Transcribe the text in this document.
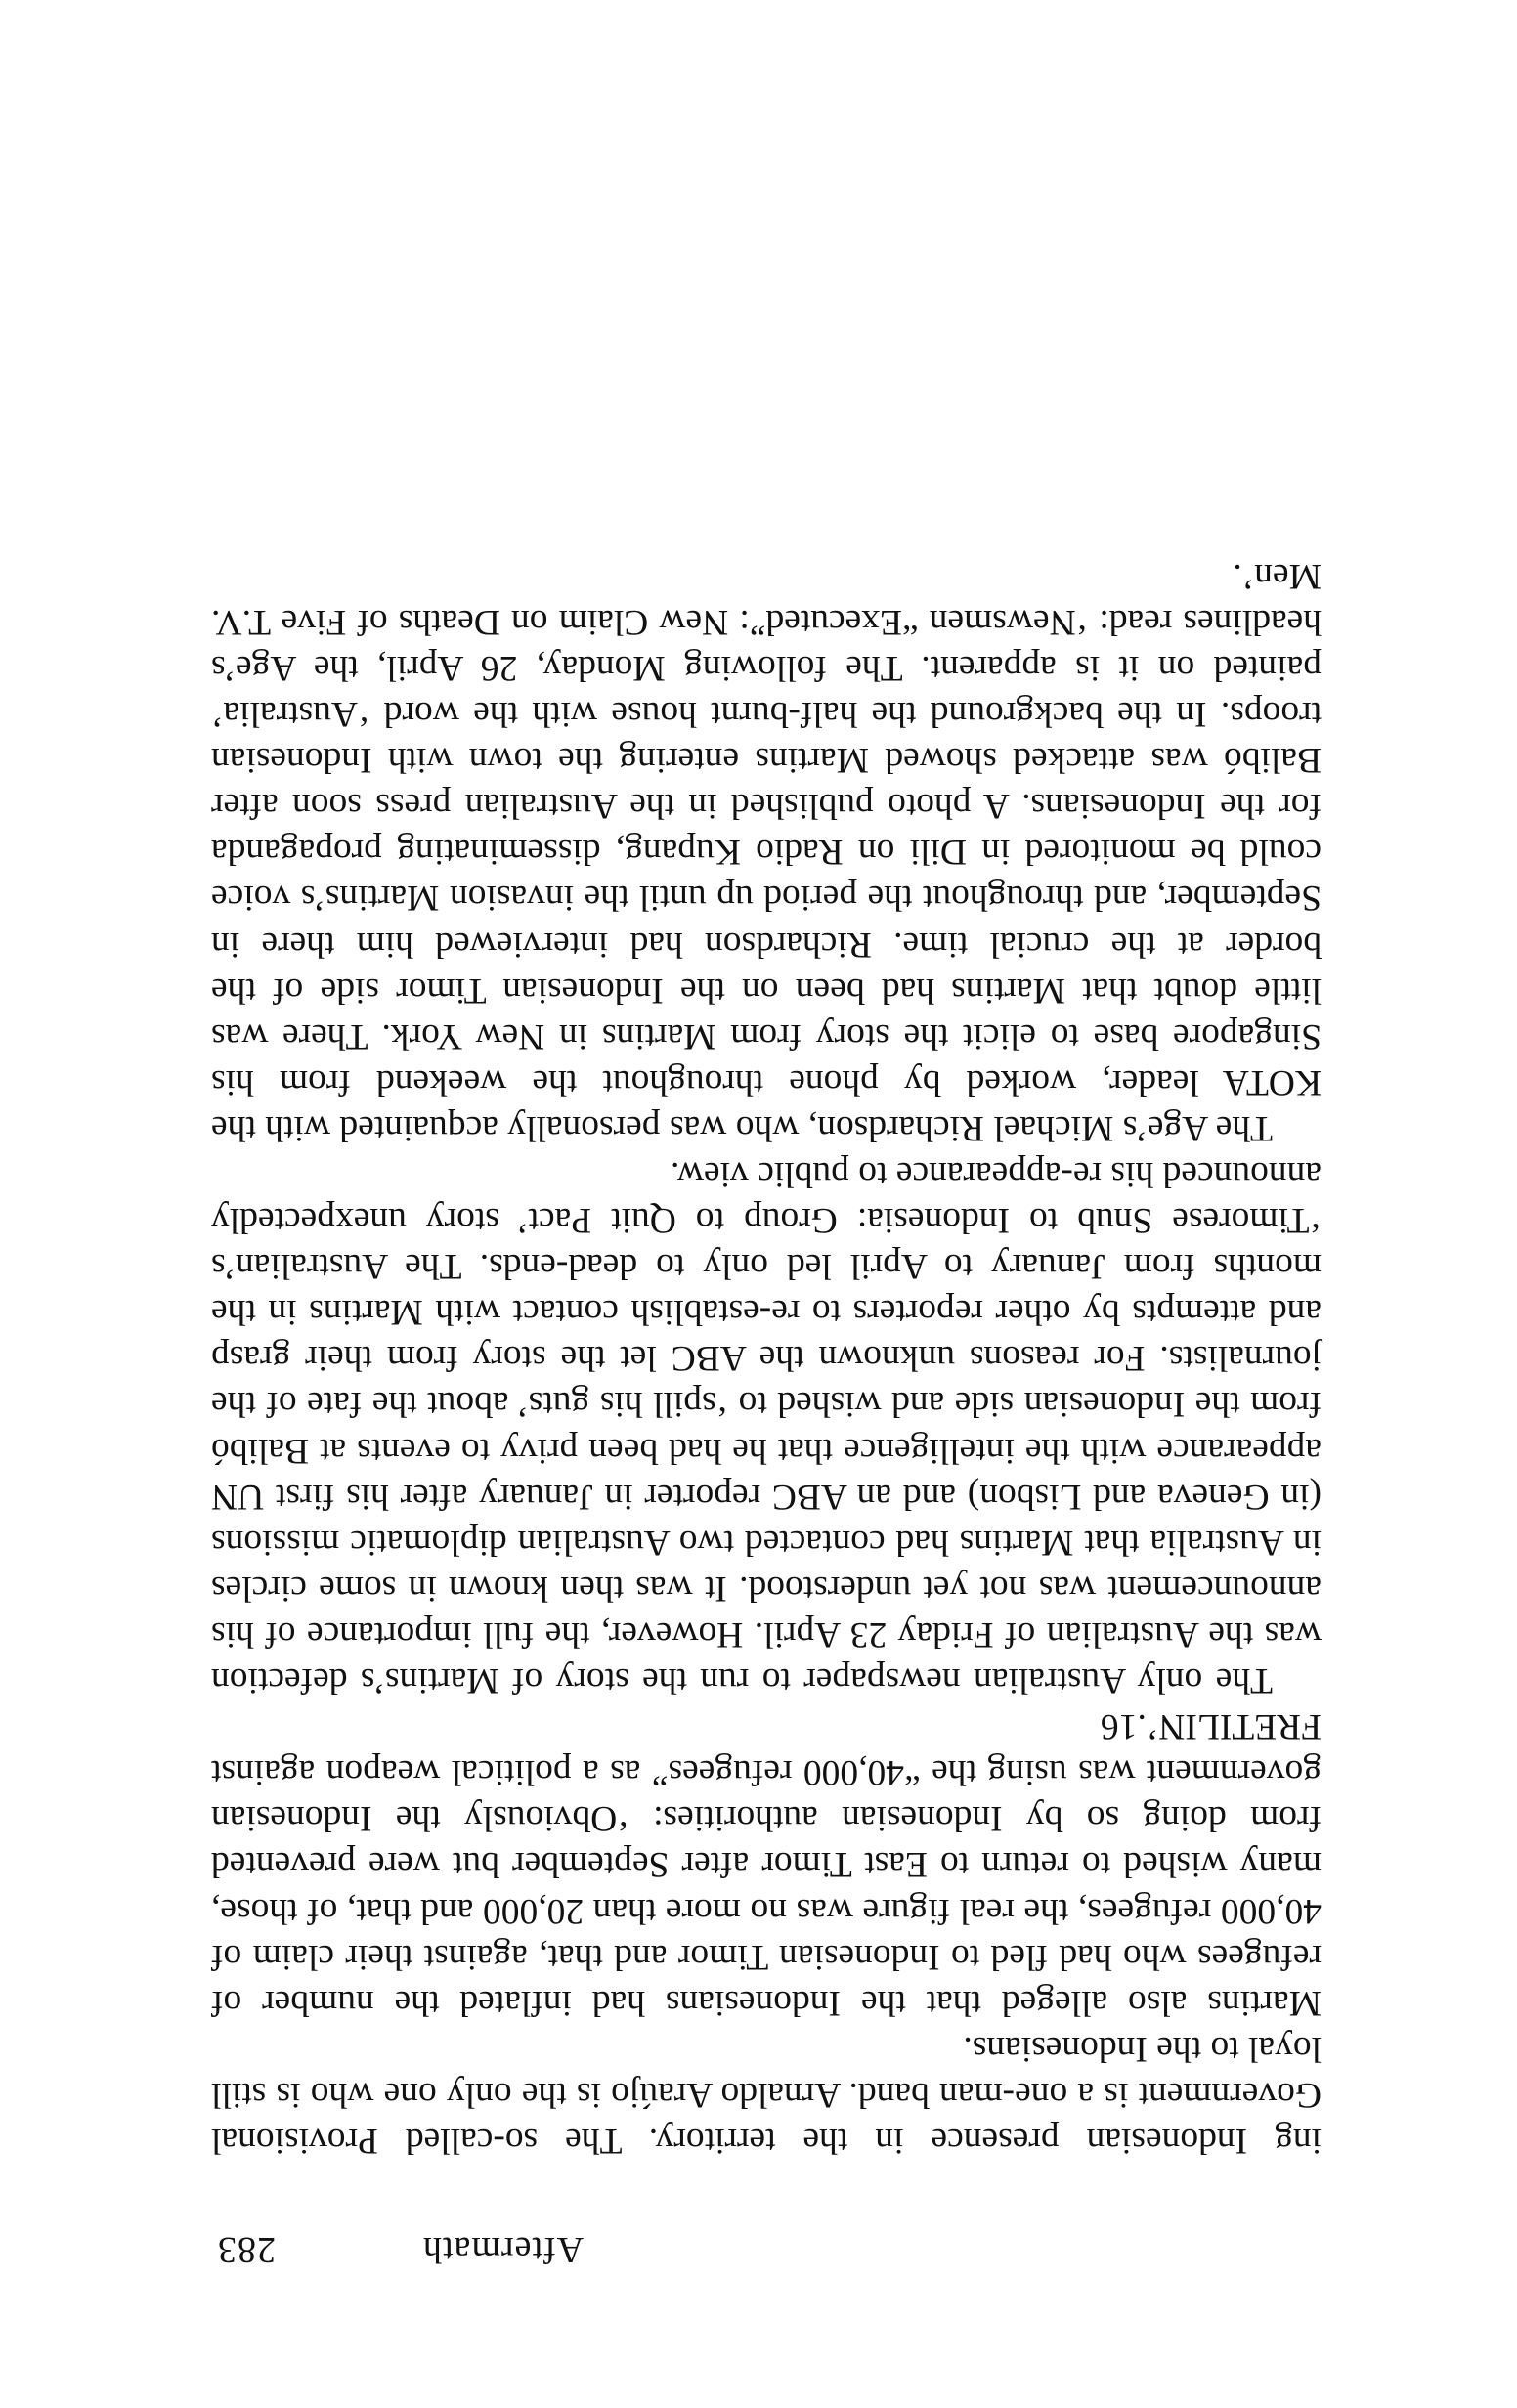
Aftermath
283

ing Indonesian presence in the territory. The so-called Provisional Government is a one-man band. Arnaldo Araújo is the only one who is still loyal to the Indonesians.

Martins also alleged that the Indonesians had inflated the number of refugees who had fled to Indonesian Timor and that, against their claim of 40,000 refugees, the real figure was no more than 20,000 and that, of those, many wished to return to East Timor after September but were prevented from doing so by Indonesian authorities: ‘Obviously the Indonesian government was using the “40,000 refugees” as a political weapon against FRETILIN’.16

The only Australian newspaper to run the story of Martins’s defection was the Australian of Friday 23 April. However, the full importance of his announcement was not yet understood. It was then known in some circles in Australia that Martins had contacted two Australian diplomatic missions (in Geneva and Lisbon) and an ABC reporter in January after his first UN appearance with the intelligence that he had been privy to events at Balibó from the Indonesian side and wished to ‘spill his guts’ about the fate of the journalists. For reasons unknown the ABC let the story from their grasp and attempts by other reporters to re-establish contact with Martins in the months from January to April led only to dead-ends. The Australian’s ‘Timorese Snub to Indonesia: Group to Quit Pact’ story unexpectedly announced his re-appearance to public view.

The Age’s Michael Richardson, who was personally acquainted with the KOTA leader, worked by phone throughout the weekend from his Singapore base to elicit the story from Martins in New York. There was little doubt that Martins had been on the Indonesian Timor side of the border at the crucial time. Richardson had interviewed him there in September, and throughout the period up until the invasion Martins’s voice could be monitored in Dili on Radio Kupang, disseminating propaganda for the Indonesians. A photo published in the Australian press soon after Balibó was attacked showed Martins entering the town with Indonesian troops. In the background the half-burnt house with the word ‘Australia’ painted on it is apparent. The following Monday, 26 April, the Age’s headlines read: ‘Newsmen “Executed”: New Claim on Deaths of Five T.V. Men’.
